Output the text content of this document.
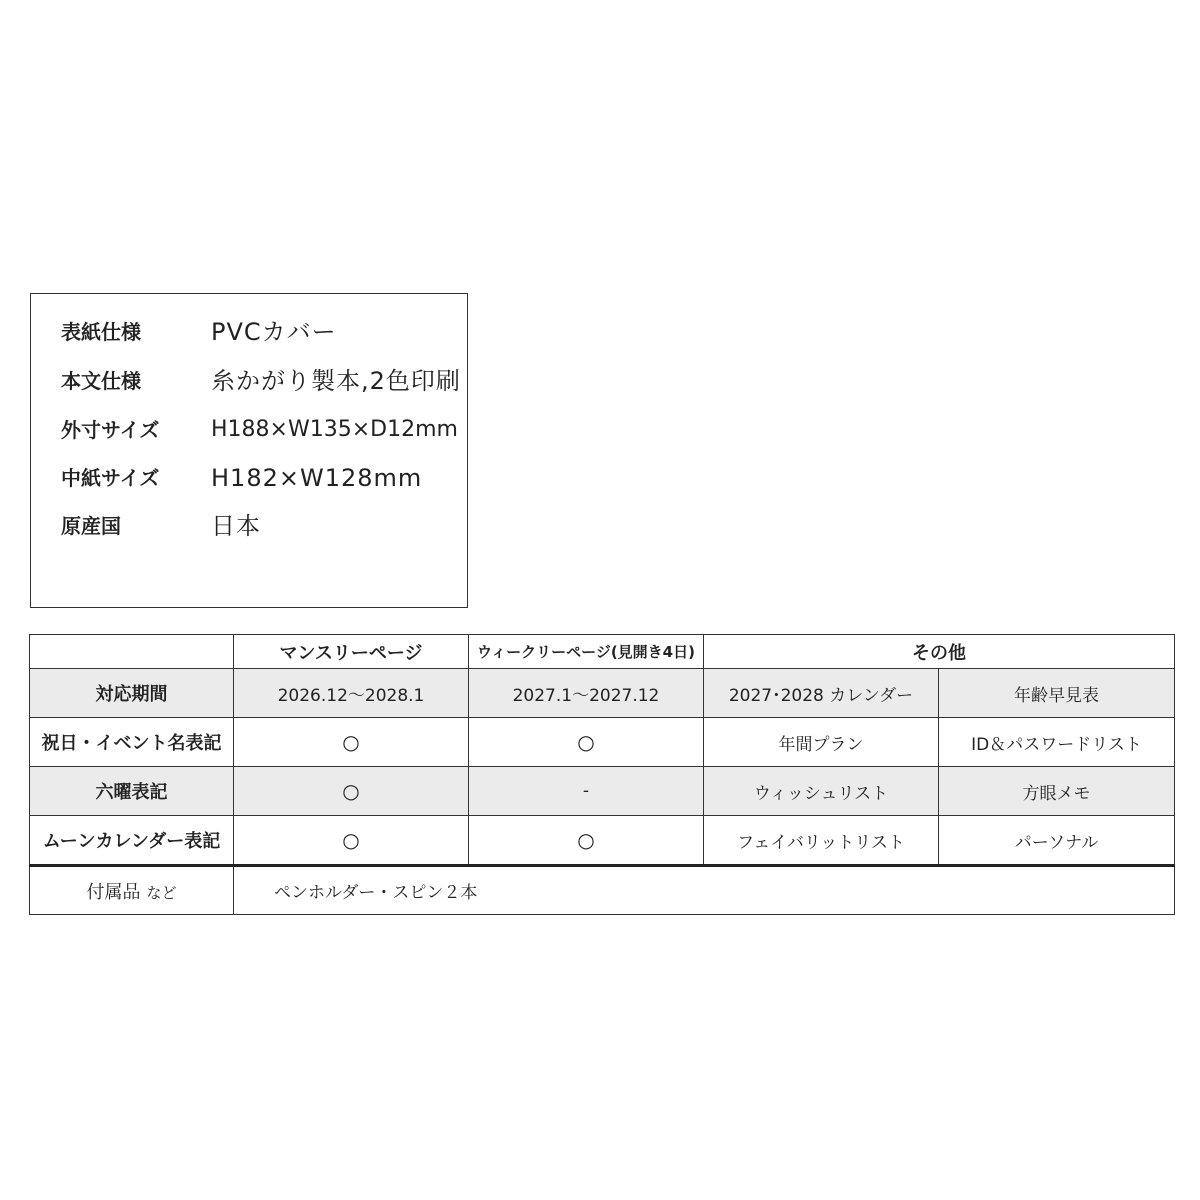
表紙仕様	PVCカバー
本文仕様	糸かがり製本,2色印刷
外寸サイズ H188×W135×D12mm
中紙サイズ H182×W128mm
原産国	日本
	マンスリーページ	ウィークリーページ(見開き4日)	その他	
対応期間	2026.12～2028.1	2027.1～2027.12	2027･2028 カレンダー	年齢早見表
祝日・イベント名表記	○	○	年間プラン	ID＆パスワードリスト
六曜表記	○	-	ウィッシュリスト	方眼メモ
ムーンカレンダー表記	○	○	フェイバリットリスト	パーソナル
付属品 など	ペンホルダー・スピン２本			
